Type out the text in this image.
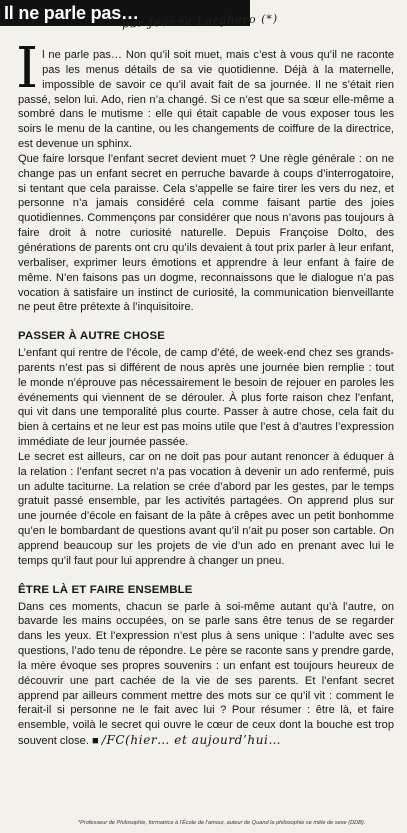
Il ne parle pas…
par Jeanne Larghero (*)

Il ne parle pas… Non qu’il soit muet, mais c’est à vous qu’il ne raconte pas les menus détails de sa vie quotidienne. Déjà à la maternelle, impossible de savoir ce qu’il avait fait de sa journée. Il ne s’était rien passé, selon lui. Ado, rien n’a changé. Si ce n’est que sa sœur elle-même a sombré dans le mutisme : elle qui était capable de vous exposer tous les soirs le menu de la cantine, ou les changements de coiffure de la directrice, est devenue un sphinx.

Que faire lorsque l’enfant secret devient muet ? Une règle générale : on ne change pas un enfant secret en perruche bavarde à coups d’interrogatoire, si tentant que cela paraisse. Cela s’appelle se faire tirer les vers du nez, et personne n’a jamais considéré cela comme faisant partie des joies quotidiennes. Commençons par considérer que nous n’avons pas toujours à faire droit à notre curiosité naturelle. Depuis Françoise Dolto, des générations de parents ont cru qu’ils devaient à tout prix parler à leur enfant, verbaliser, exprimer leurs émotions et apprendre à leur enfant à faire de même. N’en faisons pas un dogme, reconnaissons que le dialogue n’a pas vocation à satisfaire un instinct de curiosité, la communication bienveillante ne peut être prétexte à l’inquisitoire.

PASSER À AUTRE CHOSE

L’enfant qui rentre de l’école, de camp d’été, de week-end chez ses grands-parents n’est pas si différent de nous après une journée bien remplie : tout le monde n’éprouve pas nécessairement le besoin de rejouer en paroles les événements qui viennent de se dérouler. À plus forte raison chez l’enfant, qui vit dans une temporalité plus courte. Passer à autre chose, cela fait du bien à certains et ne leur est pas moins utile que l’est à d’autres l’expression immédiate de leur journée passée.

Le secret est ailleurs, car on ne doit pas pour autant renoncer à éduquer à la relation : l’enfant secret n’a pas vocation à devenir un ado renfermé, puis un adulte taciturne. La relation se crée d’abord par les gestes, par le temps gratuit passé ensemble, par les activités partagées. On apprend plus sur une journée d’école en faisant de la pâte à crêpes avec un petit bonhomme qu’en le bombardant de questions avant qu’il n’ait pu poser son cartable. On apprend beaucoup sur les projets de vie d’un ado en prenant avec lui le temps qu’il faut pour lui apprendre à changer un pneu.

ÊTRE LÀ ET FAIRE ENSEMBLE

Dans ces moments, chacun se parle à soi-même autant qu’à l’autre, on bavarde les mains occupées, on se parle sans être tenus de se regarder dans les yeux. Et l’expression n’est plus à sens unique : l’adulte avec ses questions, l’ado tenu de répondre. Le père se raconte sans y prendre garde, la mère évoque ses propres souvenirs : un enfant est toujours heureux de découvrir une part cachée de la vie de ses parents. Et l’enfant secret apprend par ailleurs comment mettre des mots sur ce qu’il vit : comment le ferait-il si personne ne le fait avec lui ? Pour résumer : être là, et faire ensemble, voilà le secret qui ouvre le cœur de ceux dont la bouche est trop souvent close. ■ /FC(hier… et aujourd’hui…

*Professeur de Philosophie, formatrice à l’École de l’amour, auteur de Quand la philosophie se mêle de sexe (DDB).
